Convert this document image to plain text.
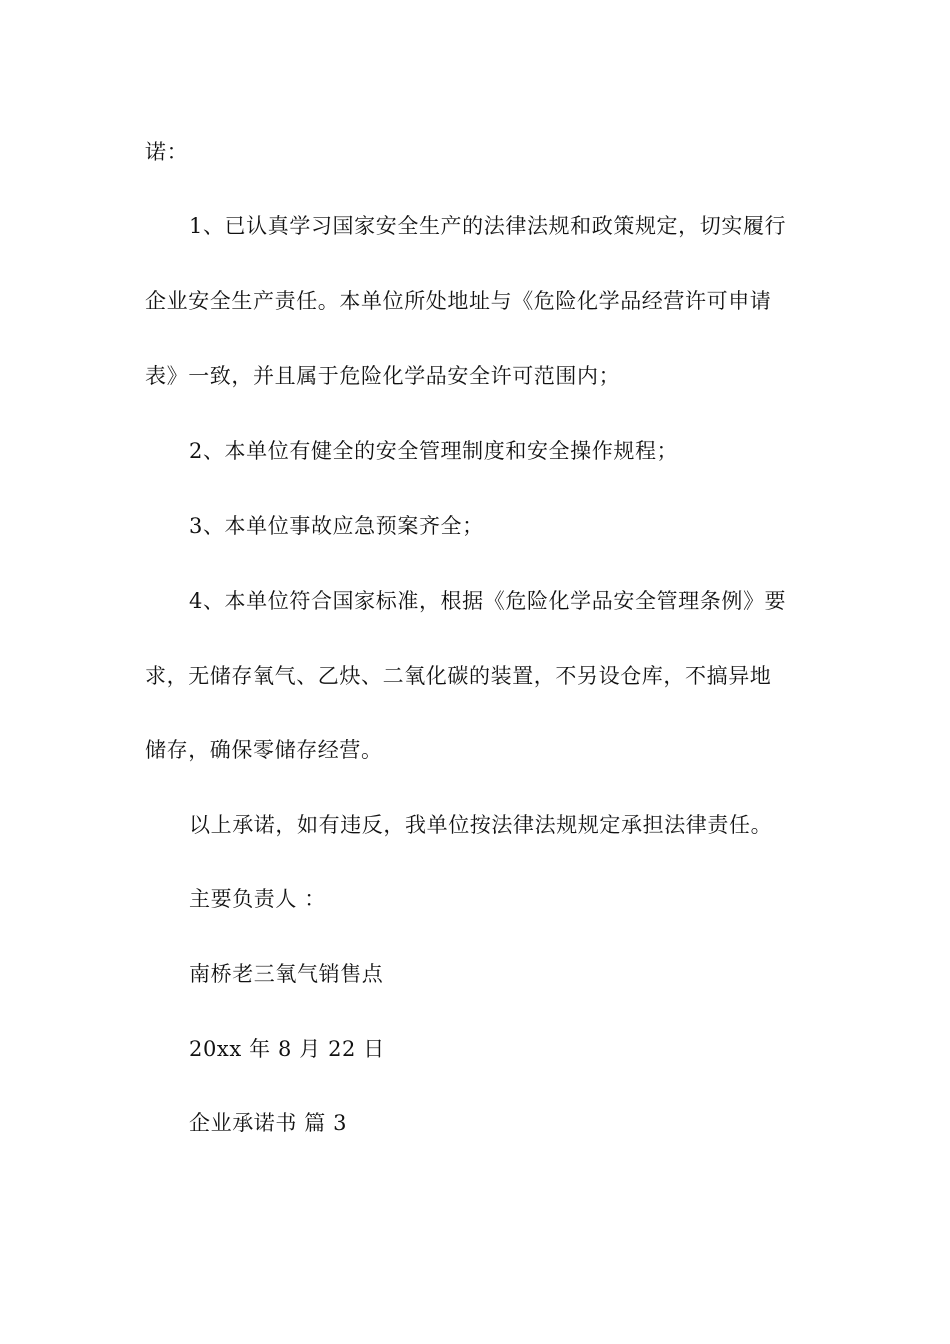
诺：
1、已认真学习国家安全生产的法律法规和政策规定，切实履行
企业安全生产责任。本单位所处地址与《危险化学品经营许可申请
表》一致，并且属于危险化学品安全许可范围内；
2、本单位有健全的安全管理制度和安全操作规程；
3、本单位事故应急预案齐全；
4、本单位符合国家标准，根据《危险化学品安全管理条例》要
求，无储存氧气、乙炔、二氧化碳的装置，不另设仓库，不搞异地
储存，确保零储存经营。
以上承诺，如有违反，我单位按法律法规规定承担法律责任。
主要负责人 ：
南桥老三氧气销售点
20xx 年 8 月 22 日
企业承诺书 篇 3
